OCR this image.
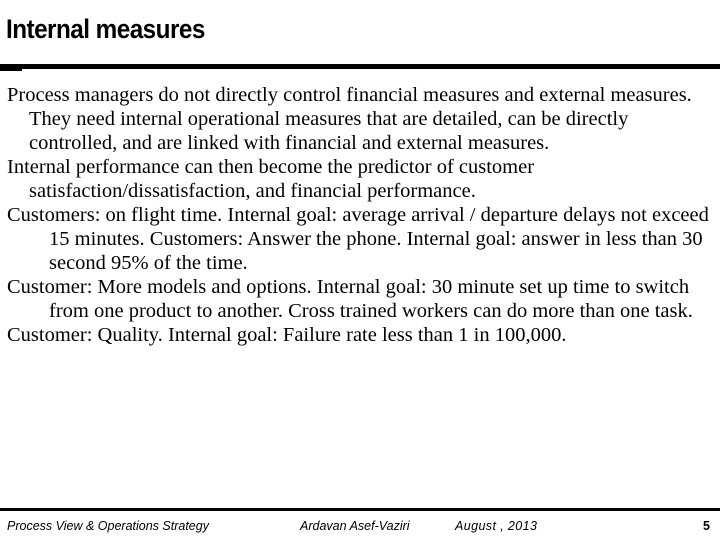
Internal measures

Process managers do not directly control financial measures and external measures. They need internal operational measures that are detailed, can be directly controlled, and are linked with financial and external measures.

Internal performance can then become the predictor of customer satisfaction/dissatisfaction, and financial performance.

Customers: on flight time. Internal goal: average arrival / departure delays not exceed 15 minutes. Customers: Answer the phone. Internal goal: answer in less than 30 second 95% of the time.

Customer: More models and options. Internal goal: 30 minute set up time to switch from one product to another. Cross trained workers can do more than one task.

Customer: Quality. Internal goal: Failure rate less than 1 in 100,000.

Process View & Operations Strategy	Ardavan Asef-Vaziri	August , 2013	5
